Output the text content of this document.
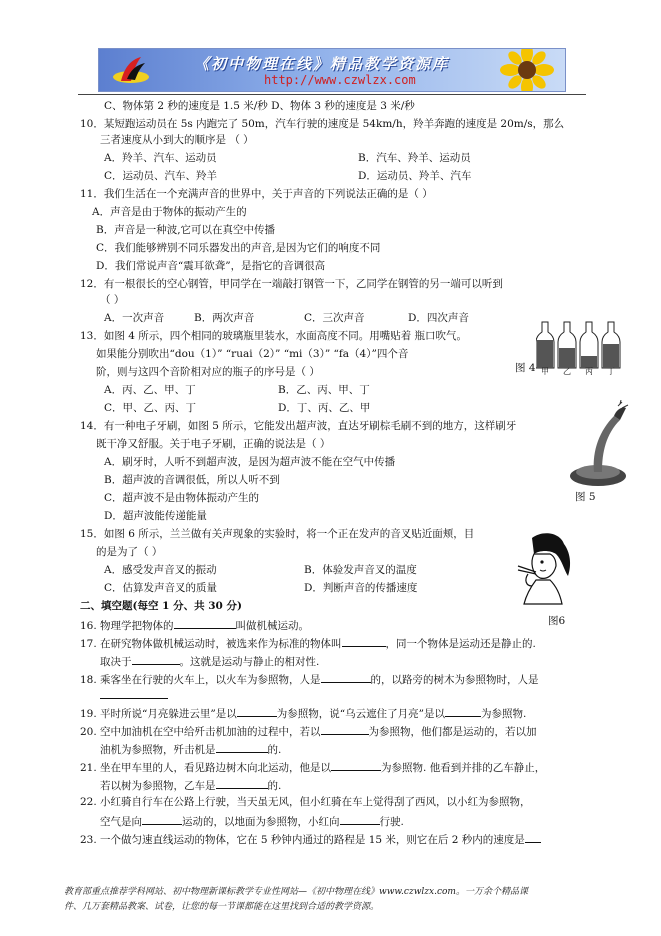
《初中物理在线》精品教学资源库
http://www.czwlzx.com
C、物体第 2 秒的速度是 1.5 米/秒 D、物体 3 秒的速度是 3 米/秒
10．某短跑运动员在 5s 内跑完了 50m，汽车行驶的速度是 54km/h，羚羊奔跑的速度是 20m/s，那么
三者速度从小到大的顺序是 （ ）
A．羚羊、汽车、运动员	B．汽车、羚羊、运动员
C．运动员、汽车、羚羊	D．运动员、羚羊、汽车
11．我们生活在一个充满声音的世界中，关于声音的下列说法正确的是（ ）
A．声音是由于物体的振动产生的
B．声音是一种波,它可以在真空中传播
C．我们能够辨别不同乐器发出的声音,是因为它们的响度不同
D．我们常说声音“震耳欲聋”，是指它的音调很高
12．有一根很长的空心钢管，甲同学在一端敲打钢管一下，乙同学在钢管的另一端可以听到
（ ）
A．一次声音	B．两次声音	C．三次声音	D．四次声音
13．如图 4 所示，四个相同的玻璃瓶里装水，水面高度不同。用嘴贴着 瓶口吹气。
如果能分别吹出“dou（1）” “ruai（2）” “mi（3）” “fa（4）”四个音
阶，则与这四个音阶相对应的瓶子的序号是（ ）
A．丙、乙、甲、丁	B．乙、丙、甲、丁
C．甲、乙、丙、丁	D．丁、丙、乙、甲
14．有一种电子牙刷，如图 5 所示，它能发出超声波，直达牙刷棕毛刷不到的地方，这样刷牙
既干净又舒服。关于电子牙刷，正确的说法是（ ）
A．刷牙时，人听不到超声波，是因为超声波不能在空气中传播
B．超声波的音调很低，所以人听不到
C．超声波不是由物体振动产生的
D．超声波能传递能量
15．如图 6 所示，兰兰做有关声现象的实验时，将一个正在发声的音叉贴近面颊，目
的是为了（ ）
A．感受发声音叉的振动	B．体验发声音叉的温度
C．估算发声音叉的质量	D．判断声音的传播速度
二、填空题(每空 1 分、共 30 分)
16. 物理学把物体的	叫做机械运动。
17. 在研究物体做机械运动时，被选来作为标准的物体叫	，同一个物体是运动还是静止的.
取决于	。这就是运动与静止的相对性.
18. 乘客坐在行驶的火车上，以火车为参照物，人是	的，以路旁的树木为参照物时，人是
19. 平时所说“月亮躲进云里”是以	为参照物，说“乌云遮住了月亮”是以	为参照物.
20. 空中加油机在空中给歼击机加油的过程中，若以	为参照物，他们都是运动的，若以加
油机为参照物，歼击机是	的.
21. 坐在甲车里的人，看见路边树木向北运动，他是以	为参照物. 他看到并排的乙车静止，
若以树为参照物，乙车是	的.
22. 小红骑自行车在公路上行驶，当天虽无风，但小红骑在车上觉得刮了西风，以小红为参照物，
空气是向	运动的，以地面为参照物，小红向	行驶.
23. 一个做匀速直线运动的物体，它在 5 秒钟内通过的路程是 15 米，则它在后 2 秒内的速度是
图 4 甲 乙 丙 丁
图 5
图6
教育部重点推荐学科网站、初中物理新课标教学专业性网站—《初中物理在线》www.czwlzx.com。一万余个精品课
件、几万套精品教案、试卷，让您的每一节课都能在这里找到合适的教学资源。
